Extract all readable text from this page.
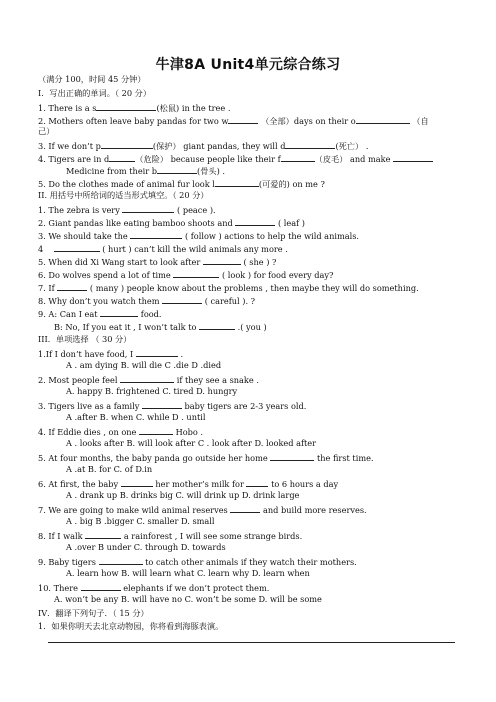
牛津8A Unit4单元综合练习
（满分 100，时间 45 分钟）
I．写出正确的单词。（ 20 分）
1. There is a s	(松鼠) in the tree .
2. Mothers often leave baby pandas for two w	（全部）days on their o	（自
己）
3. If we don’t p	(保护） giant pandas, they will d	(死亡） .
4. Tigers are in d	（危险） because people like their f	（皮毛） and make
Medicine from their b	(骨头) .
5. Do the clothes made of animal fur look l	(可爱的) on me ?
II. 用括号中所给词的适当形式填空。（ 20 分）
1. The zebra is very	( peace ).
2. Giant pandas like eating bamboo shoots and	( leaf )
3. We should take the	( follow ) actions to help the wild animals.
4	( hurt ) can’t kill the wild animals any more .
5. When did Xi Wang start to look after	( she ) ?
6. Do wolves spend a lot of time	( look ) for food every day?
7. If	( many ) people know about the problems , then maybe they will do something.
8. Why don’t you watch them	( careful ). ?
9. A: Can I eat	food.
B: No, If you eat it , I won’t talk to	.( you )
III．单项选择 （ 30 分）
1.If I don’t have food, I	.
A . am dying B. will die C .die D .died
2. Most people feel	if they see a snake .
A. happy B. frightened C. tired D. hungry
3. Tigers live as a family	baby tigers are 2-3 years old.
A .after B. when C. while D . until
4. If Eddie dies , on one	Hobo .
A . looks after B. will look after C . look after D. looked after
5. At four months, the baby panda go outside her home	the first time.
A .at B. for C. of D.in
6. At first, the baby	her mother’s milk for	to 6 hours a day
A . drank up B. drinks big C. will drink up D. drink large
7. We are going to make wild animal reserves	and build more reserves.
A . big B .bigger C. smaller D. small
8. If I walk	a rainforest , I will see some strange birds.
A .over B under C. through D. towards
9. Baby tigers	to catch other animals if they watch their mothers.
A. learn how B. will learn what C. learn why D. learn when
10. There	elephants if we don’t protect them.
A. won’t be any B. will have no C. won’t be some D. will be some
IV．翻译下列句子．（ 15 分）
1．如果你明天去北京动物园，你将看到海豚表演。
